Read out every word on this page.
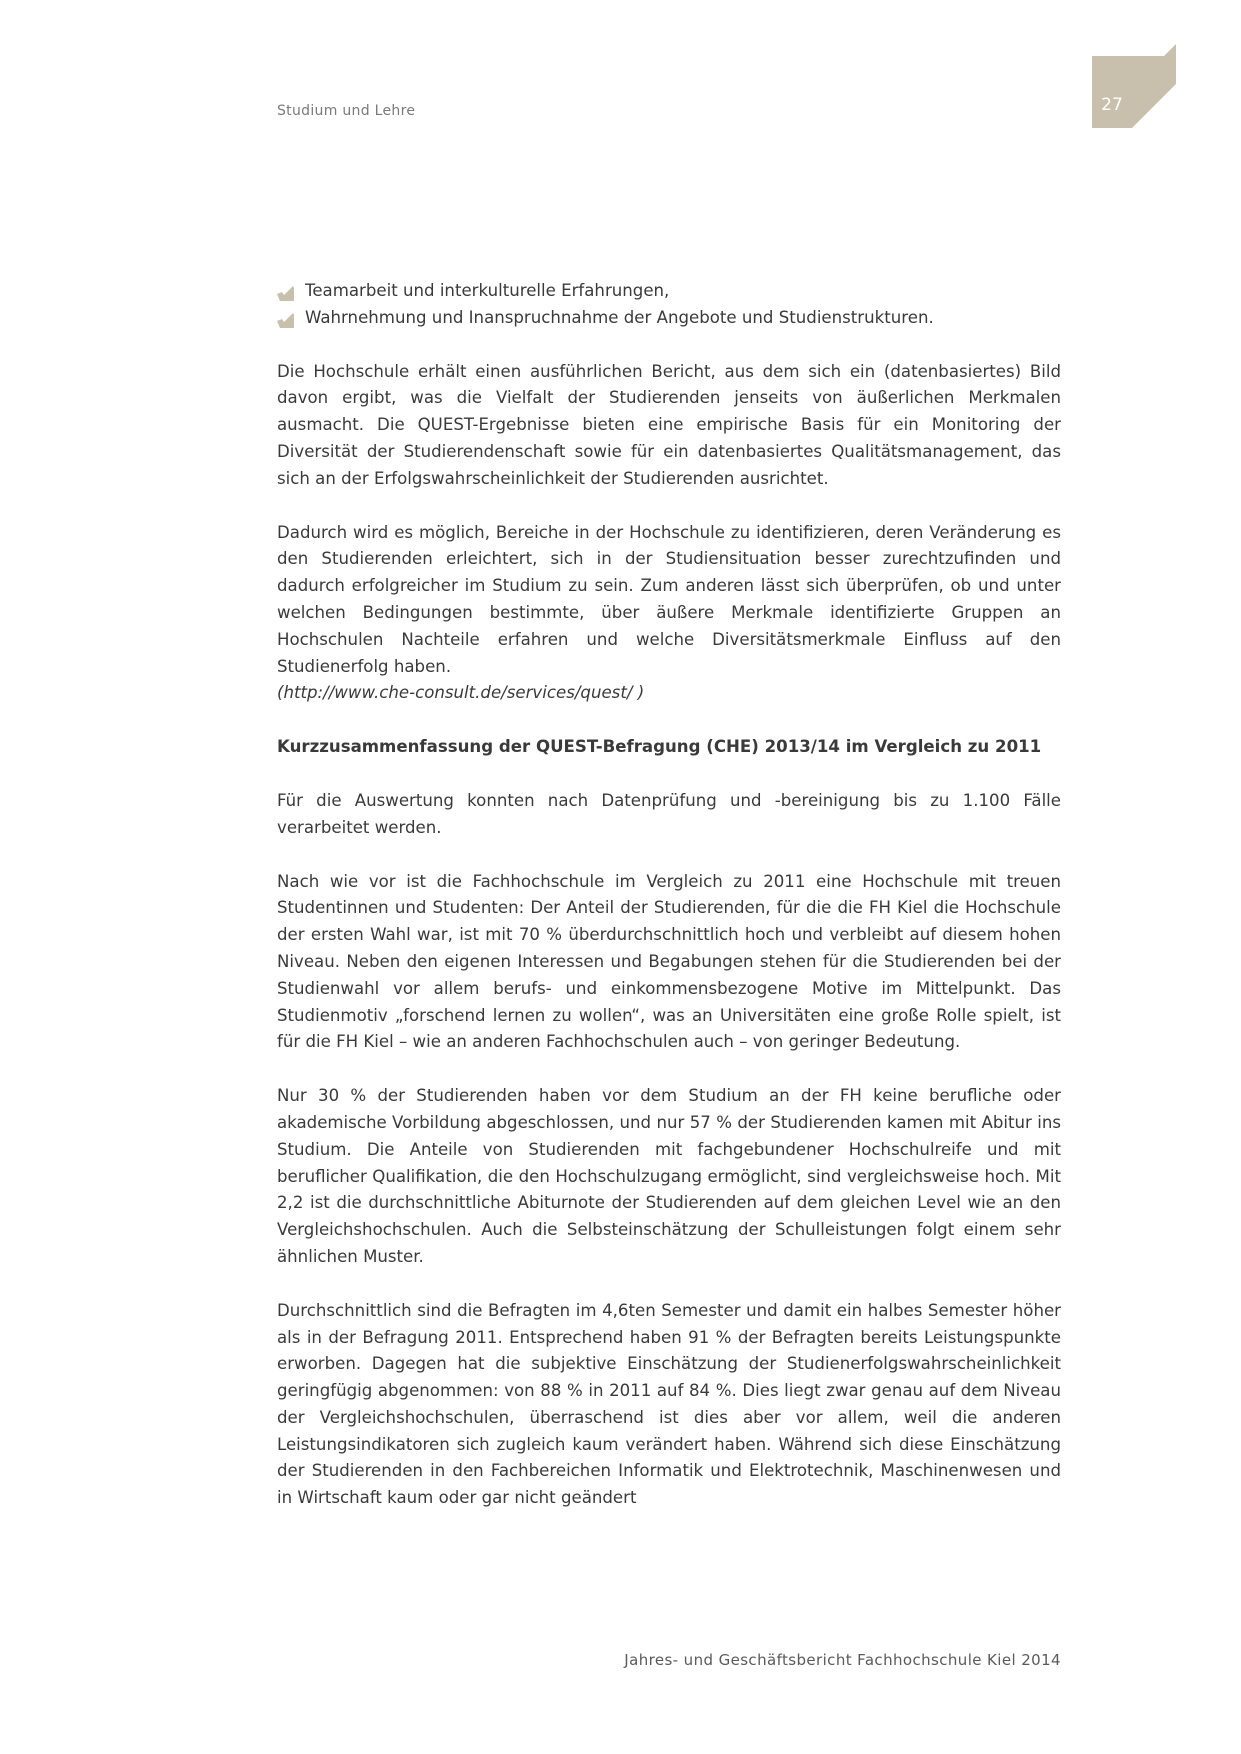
Studium und Lehre	27
Teamarbeit und interkulturelle Erfahrungen,
Wahrnehmung und Inanspruchnahme der Angebote und Studienstrukturen.

Die Hochschule erhält einen ausführlichen Bericht, aus dem sich ein (datenbasiertes) Bild davon ergibt, was die Vielfalt der Studierenden jenseits von äußerlichen Merkmalen ausmacht. Die QUEST-Ergebnisse bieten eine empirische Basis für ein Monitoring der Diversität der Studierendenschaft sowie für ein datenbasiertes Qualitätsmanagement, das sich an der Erfolgswahrscheinlichkeit der Studierenden ausrichtet.

Dadurch wird es möglich, Bereiche in der Hochschule zu identifizieren, deren Veränderung es den Studierenden erleichtert, sich in der Studiensituation besser zurechtzufinden und dadurch erfolgreicher im Studium zu sein. Zum anderen lässt sich überprüfen, ob und unter welchen Bedingungen bestimmte, über äußere Merkmale identifizierte Gruppen an Hochschulen Nachteile erfahren und welche Diversitätsmerkmale Einfluss auf den Studienerfolg haben.

(http://www.che-consult.de/services/quest/ )

Kurzzusammenfassung der QUEST-Befragung (CHE) 2013/14 im Vergleich zu 2011

Für die Auswertung konnten nach Datenprüfung und -bereinigung bis zu 1.100 Fälle verarbeitet werden.

Nach wie vor ist die Fachhochschule im Vergleich zu 2011 eine Hochschule mit treuen Studentinnen und Studenten: Der Anteil der Studierenden, für die die FH Kiel die Hochschule der ersten Wahl war, ist mit 70 % überdurchschnittlich hoch und verbleibt auf diesem hohen Niveau. Neben den eigenen Interessen und Begabungen stehen für die Studierenden bei der Studienwahl vor allem berufs- und einkommensbezogene Motive im Mittelpunkt. Das Studienmotiv „forschend lernen zu wollen“, was an Universitäten eine große Rolle spielt, ist für die FH Kiel – wie an anderen Fachhochschulen auch – von geringer Bedeutung.

Nur 30 % der Studierenden haben vor dem Studium an der FH keine berufliche oder akademische Vorbildung abgeschlossen, und nur 57 % der Studierenden kamen mit Abitur ins Studium. Die Anteile von Studierenden mit fachgebundener Hochschulreife und mit beruflicher Qualifikation, die den Hochschulzugang ermöglicht, sind vergleichsweise hoch. Mit 2,2 ist die durchschnittliche Abiturnote der Studierenden auf dem gleichen Level wie an den Vergleichshochschulen. Auch die Selbsteinschätzung der Schulleistungen folgt einem sehr ähnlichen Muster.

Durchschnittlich sind die Befragten im 4,6ten Semester und damit ein halbes Semester höher als in der Befragung 2011. Entsprechend haben 91 % der Befragten bereits Leistungspunkte erworben. Dagegen hat die subjektive Einschätzung der Studienerfolgswahrscheinlichkeit geringfügig abgenommen: von 88 % in 2011 auf 84 %. Dies liegt zwar genau auf dem Niveau der Vergleichshochschulen, überraschend ist dies aber vor allem, weil die anderen Leistungsindikatoren sich zugleich kaum verändert haben. Während sich diese Einschätzung der Studierenden in den Fachbereichen Informatik und Elektrotechnik, Maschinenwesen und in Wirtschaft kaum oder gar nicht geändert

Jahres- und Geschäftsbericht Fachhochschule Kiel 2014
